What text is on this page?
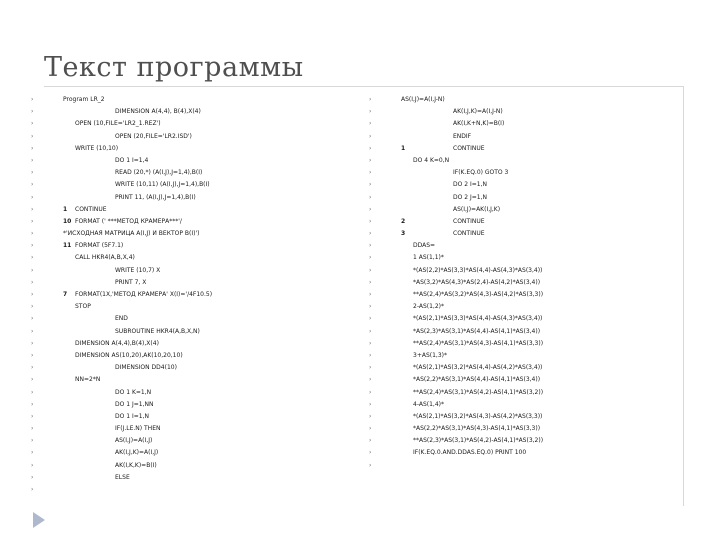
Текст программы
›
Program LR_2
›
DIMENSION A(4,4), B(4),X(4)
›
OPEN (10,FILE='LR2_1.REZ')
›
OPEN (20,FILE='LR2.ISD')
›
WRITE (10,10)
›
DO 1 I=1,4
›
READ (20,*) (A(I,J),J=1,4),B(I)
›
WRITE (10,11) (A(I,J),J=1,4),B(I)
›
PRINT 11, (A(I,J),J=1,4),B(I)
›
1 CONTINUE
›
10 FORMAT (' ***МЕТОД КРАМЕРА***'/
›
*'ИСХОДНАЯ МАТРИЦА A(I,J) И ВЕКТОР B(I)')
›
11 FORMAT (5F7.1)
›
CALL HKR4(A,B,X,4)
›
WRITE (10,7) X
›
PRINT 7, X
›
7 FORMAT(1X,'МЕТОД КРАМЕРА' X(I)='/4F10.5)
›
STOP
›
END
›
SUBROUTINE HKR4(A,B,X,N)
›
DIMENSION A(4,4),B(4),X(4)
›
DIMENSION AS(10,20),AK(10,20,10)
›
DIMENSION DD4(10)
›
NN=2*N
›
DO 1 K=1,N
›
DO 1 J=1,NN
›
DO 1 I=1,N
›
IF(J.LE.N) THEN
›
AS(I,J)=A(I,J)
›
AK(I,J,K)=A(I,J)
›
AK(I,K,K)=B(I)
›
ELSE
›
›
AS(I,J)=A(I,J-N)
›
AK(I,J,K)=A(I,J-N)
›
AK(I,K+N,K)=B(I)
›
ENDIF
›
1	CONTINUE
›
DO 4 K=0,N
›
IF(K.EQ.0) GOTO 3
›
DO 2 I=1,N
›
DO 2 J=1,N
›
AS(I,J)=AK(I,J,K)
›
2	CONTINUE
›
3	CONTINUE
›
DDAS=
›
1 AS(1,1)*
›
*(AS(2,2)*AS(3,3)*AS(4,4)-AS(4,3)*AS(3,4))
›
*AS(3,2)*AS(4,3)*AS(2,4)-AS(4,2)*AS(3,4))
›
**AS(2,4)*AS(3,2)*AS(4,3)-AS(4,2)*AS(3,3))
›
2-AS(1,2)*
›
*(AS(2,1)*AS(3,3)*AS(4,4)-AS(4,3)*AS(3,4))
›
*AS(2,3)*AS(3,1)*AS(4,4)-AS(4,1)*AS(3,4))
›
**AS(2,4)*AS(3,1)*AS(4,3)-AS(4,1)*AS(3,3))
›
3+AS(1,3)*
›
*(AS(2,1)*AS(3,2)*AS(4,4)-AS(4,2)*AS(3,4))
›
*AS(2,2)*AS(3,1)*AS(4,4)-AS(4,1)*AS(3,4))
›
**AS(2,4)*AS(3,1)*AS(4,2)-AS(4,1)*AS(3,2))
›
4-AS(1,4)*
›
*(AS(2,1)*AS(3,2)*AS(4,3)-AS(4,2)*AS(3,3))
›
*AS(2,2)*AS(3,1)*AS(4,3)-AS(4,1)*AS(3,3))
›
**AS(2,3)*AS(3,1)*AS(4,2)-AS(4,1)*AS(3,2))
›
IF(K.EQ.0.AND.DDAS.EQ.0) PRINT 100
›
